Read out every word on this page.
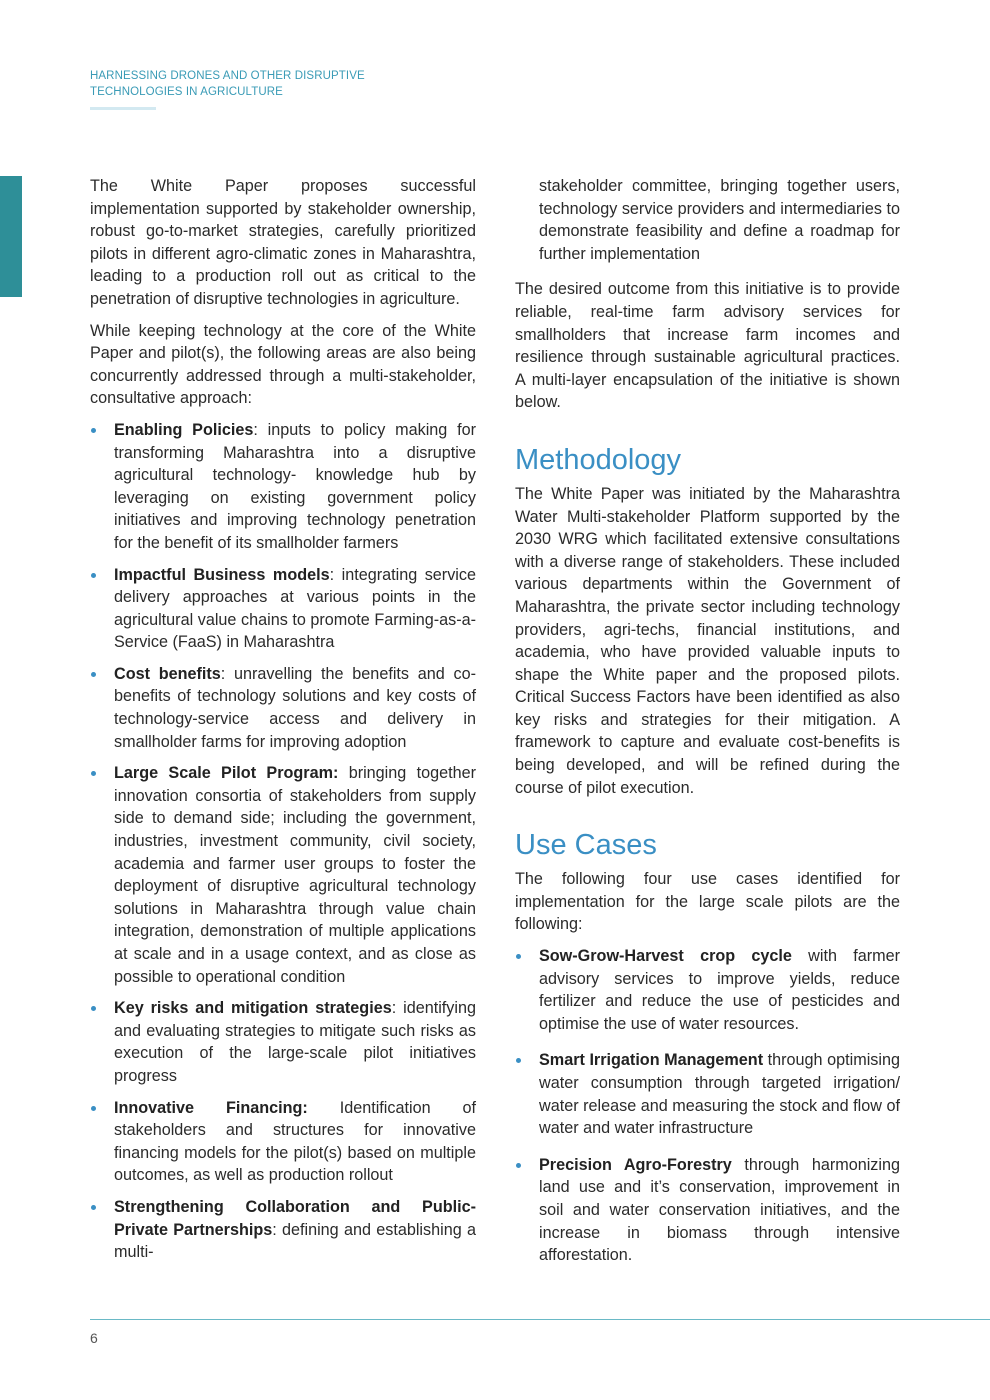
HARNESSING DRONES AND OTHER DISRUPTIVE
TECHNOLOGIES IN AGRICULTURE

The White Paper proposes successful implementation supported by stakeholder ownership, robust go-to-market strategies, carefully prioritized pilots in different agro-climatic zones in Maharashtra, leading to a production roll out as critical to the penetration of disruptive technologies in agriculture.

While keeping technology at the core of the White Paper and pilot(s), the following areas are also being concurrently addressed through a multi-stakeholder, consultative approach:

Enabling Policies: inputs to policy making for transforming Maharashtra into a disruptive agricultural technology- knowledge hub by leveraging on existing government policy initiatives and improving technology penetration for the benefit of its smallholder farmers
Impactful Business models: integrating service delivery approaches at various points in the agricultural value chains to promote Farming-as-a-Service (FaaS) in Maharashtra
Cost benefits: unravelling the benefits and co-benefits of technology solutions and key costs of technology-service access and delivery in smallholder farms for improving adoption
Large Scale Pilot Program: bringing together innovation consortia of stakeholders from supply side to demand side; including the government, industries, investment community, civil society, academia and farmer user groups to foster the deployment of disruptive agricultural technology solutions in Maharashtra through value chain integration, demonstration of multiple applications at scale and in a usage context, and as close as possible to operational condition
Key risks and mitigation strategies: identifying and evaluating strategies to mitigate such risks as execution of the large-scale pilot initiatives progress
Innovative Financing: Identification of stakeholders and structures for innovative financing models for the pilot(s) based on multiple outcomes, as well as production rollout
Strengthening Collaboration and Public-Private Partnerships: defining and establishing a multi-

stakeholder committee, bringing together users, technology service providers and intermediaries to demonstrate feasibility and define a roadmap for further implementation

The desired outcome from this initiative is to provide reliable, real-time farm advisory services for smallholders that increase farm incomes and resilience through sustainable agricultural practices. A multi-layer encapsulation of the initiative is shown below.

Methodology

The White Paper was initiated by the Maharashtra Water Multi-stakeholder Platform supported by the 2030 WRG which facilitated extensive consultations with a diverse range of stakeholders. These included various departments within the Government of Maharashtra, the private sector including technology providers, agri-techs, financial institutions, and academia, who have provided valuable inputs to shape the White paper and the proposed pilots. Critical Success Factors have been identified as also key risks and strategies for their mitigation. A framework to capture and evaluate cost-benefits is being developed, and will be refined during the course of pilot execution.

Use Cases

The following four use cases identified for implementation for the large scale pilots are the following:

Sow-Grow-Harvest crop cycle with farmer advisory services to improve yields, reduce fertilizer and reduce the use of pesticides and optimise the use of water resources.
Smart Irrigation Management through optimising water consumption through targeted irrigation/ water release and measuring the stock and flow of water and water infrastructure
Precision Agro-Forestry through harmonizing land use and it’s conservation, improvement in soil and water conservation initiatives, and the increase in biomass through intensive afforestation.
6
